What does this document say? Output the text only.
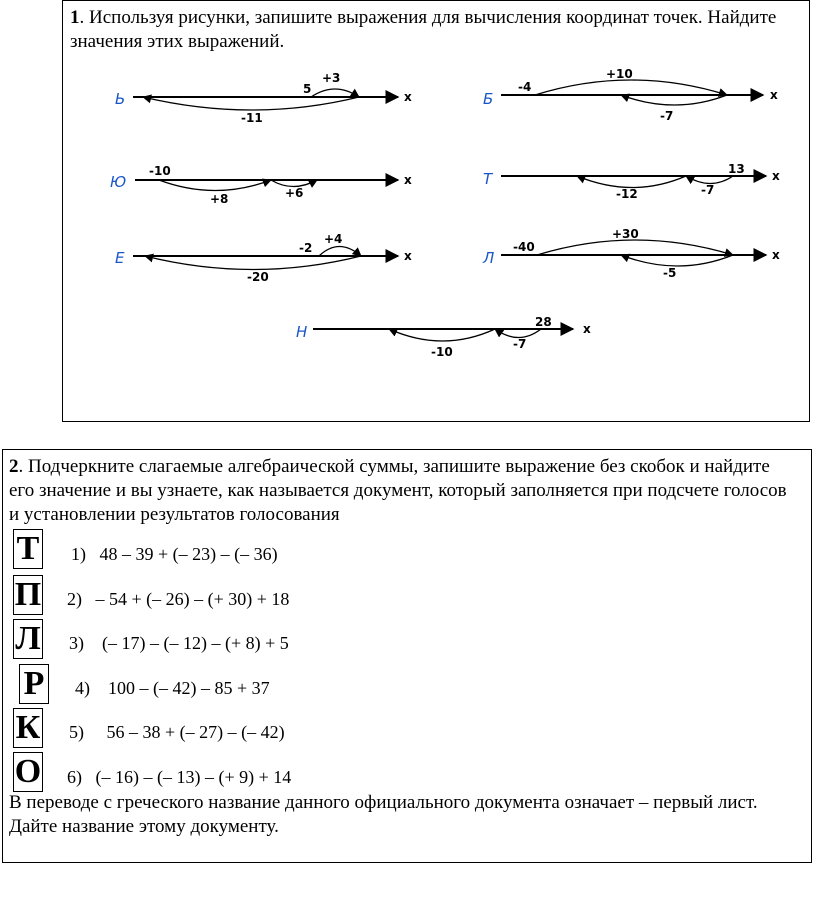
1. Используя рисунки, запишите выражения для вычисления координат точек. Найдите значения этих выражений.
Ь	x
5
+3
-11
Б	x
-4
+10
-7
Ю	x
-10
+8	+6
Т	x
13
-7
-12
Е	x
-2
+4
-20
Л	x
-40
+30
-5
Н	x
28
-7
-10
2. Подчеркните слагаемые алгебраической суммы, запишите выражение без скобок и найдите его значение и вы узнаете, как называется документ, который заполняется при подсчете голосов и установлении результатов голосования
Т 1)   48 – 39 + (– 23) – (– 36)
П 2)   – 54 + (– 26) – (+ 30) + 18
Л 3)    (– 17) – (– 12) – (+ 8) + 5
Р 4)    100 – (– 42) – 85 + 37
К 5)     56 – 38 + (– 27) – (– 42)
О 6)   (– 16) – (– 13) – (+ 9) + 14
В переводе с греческого название данного официального документа означает – первый лист. Дайте название этому документу.
